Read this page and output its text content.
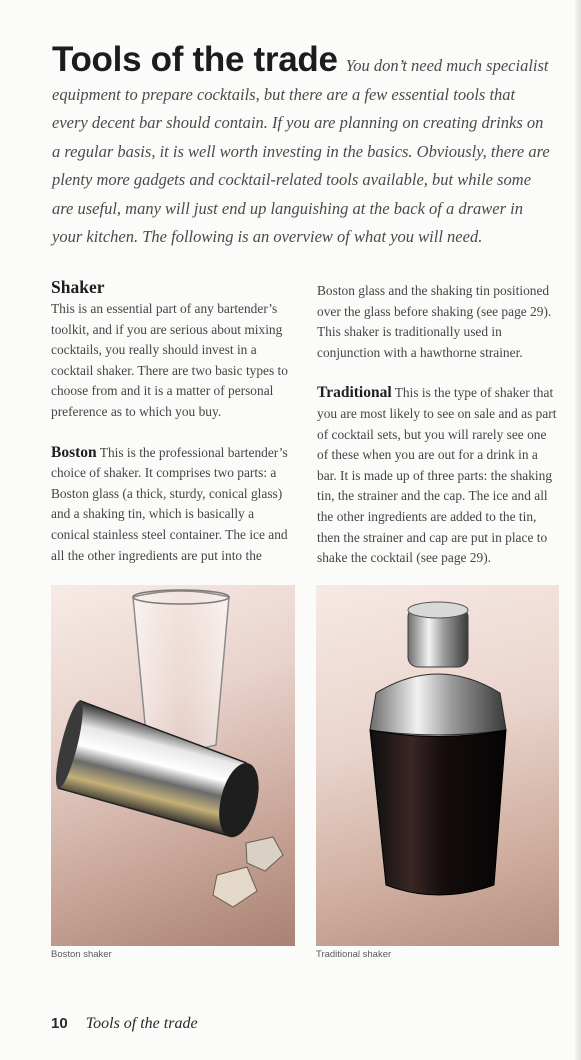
Tools of the trade You don’t need much specialist equipment to prepare cocktails, but there are a few essential tools that every decent bar should contain. If you are planning on creating drinks on a regular basis, it is well worth investing in the basics. Obviously, there are plenty more gadgets and cocktail-related tools available, but while some are useful, many will just end up languishing at the back of a drawer in your kitchen. The following is an overview of what you will need.
Shaker

This is an essential part of any bartender’s toolkit, and if you are serious about mixing cocktails, you really should invest in a cocktail shaker. There are two basic types to choose from and it is a matter of personal preference as to which you buy.

Boston This is the professional bartender’s choice of shaker. It comprises two parts: a Boston glass (a thick, sturdy, conical glass) and a shaking tin, which is basically a conical stainless steel container. The ice and all the other ingredients are put into the

Boston glass and the shaking tin positioned over the glass before shaking (see page 29). This shaker is traditionally used in conjunction with a hawthorne strainer.

Traditional This is the type of shaker that you are most likely to see on sale and as part of cocktail sets, but you will rarely see one of these when you are out for a drink in a bar. It is made up of three parts: the shaking tin, the strainer and the cap. The ice and all the other ingredients are added to the tin, then the strainer and cap are put in place to shake the cocktail (see page 29).

Boston shaker	Traditional shaker
10 Tools of the trade
